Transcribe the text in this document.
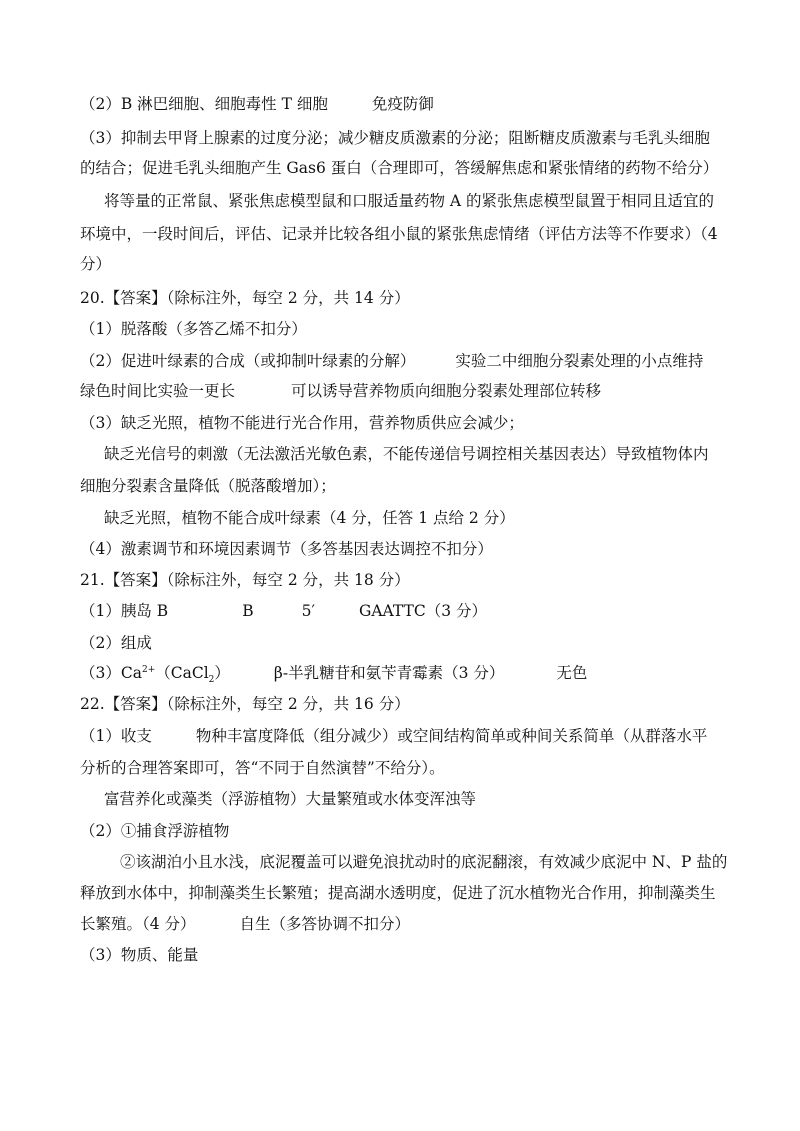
（2）B 淋巴细胞、细胞毒性 T 细胞	免疫防御
（3）抑制去甲肾上腺素的过度分泌；减少糖皮质激素的分泌；阻断糖皮质激素与毛乳头细胞
的结合；促进毛乳头细胞产生 Gas6 蛋白（合理即可，答缓解焦虑和紧张情绪的药物不给分）
将等量的正常鼠、紧张焦虑模型鼠和口服适量药物 A 的紧张焦虑模型鼠置于相同且适宜的
环境中，一段时间后，评估、记录并比较各组小鼠的紧张焦虑情绪（评估方法等不作要求）（4
分）
20.【答案】（除标注外，每空 2 分，共 14 分）
（1）脱落酸（多答乙烯不扣分）
（2）促进叶绿素的合成（或抑制叶绿素的分解）	实验二中细胞分裂素处理的小点维持
绿色时间比实验一更长	可以诱导营养物质向细胞分裂素处理部位转移
（3）缺乏光照，植物不能进行光合作用，营养物质供应会减少；
缺乏光信号的刺激（无法激活光敏色素，不能传递信号调控相关基因表达）导致植物体内
细胞分裂素含量降低（脱落酸增加）；
缺乏光照，植物不能合成叶绿素（4 分，任答 1 点给 2 分）
（4）激素调节和环境因素调节（多答基因表达调控不扣分）
21.【答案】（除标注外，每空 2 分，共 18 分）
（1）胰岛 B	B	5′	GAATTC（3 分）
（2）组成
$(3)Ca^{2+}(CaCl_2)$	β-半乳糖苷和氨苄青霉素（3 分）	无色
22.【答案】（除标注外，每空 2 分，共 16 分）
（1）收支	物种丰富度降低（组分减少）或空间结构简单或种间关系简单（从群落水平
分析的合理答案即可，答“不同于自然演替”不给分）。
富营养化或藻类（浮游植物）大量繁殖或水体变浑浊等
（2）①捕食浮游植物
②该湖泊小且水浅，底泥覆盖可以避免浪扰动时的底泥翻滚，有效减少底泥中 N、P 盐的
释放到水体中，抑制藻类生长繁殖；提高湖水透明度，促进了沉水植物光合作用，抑制藻类生
长繁殖。（4 分）	自生（多答协调不扣分）
（3）物质、能量
